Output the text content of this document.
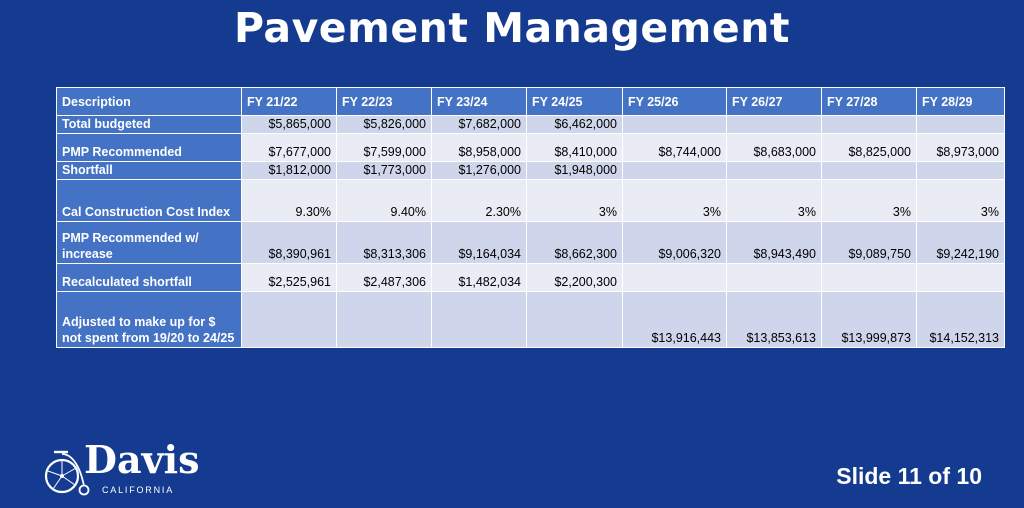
Pavement Management
Description	FY 21/22	FY 22/23	FY 23/24	FY 24/25	FY 25/26	FY 26/27	FY 27/28	FY 28/29
Total budgeted	$5,865,000	$5,826,000	$7,682,000	$6,462,000				
PMP Recommended	$7,677,000	$7,599,000	$8,958,000	$8,410,000	$8,744,000	$8,683,000	$8,825,000	$8,973,000
Shortfall	$1,812,000	$1,773,000	$1,276,000	$1,948,000				
Cal Construction Cost Index	9.30%	9.40%	2.30%	3%	3%	3%	3%	3%
PMP Recommended w/ increase	$8,390,961	$8,313,306	$9,164,034	$8,662,300	$9,006,320	$8,943,490	$9,089,750	$9,242,190
Recalculated shortfall	$2,525,961	$2,487,306	$1,482,034	$2,200,300				
Adjusted to make up for $ not spent from 19/20 to 24/25					$13,916,443	$13,853,613	$13,999,873	$14,152,313
Davis
CALIFORNIA
Slide 11 of 10
